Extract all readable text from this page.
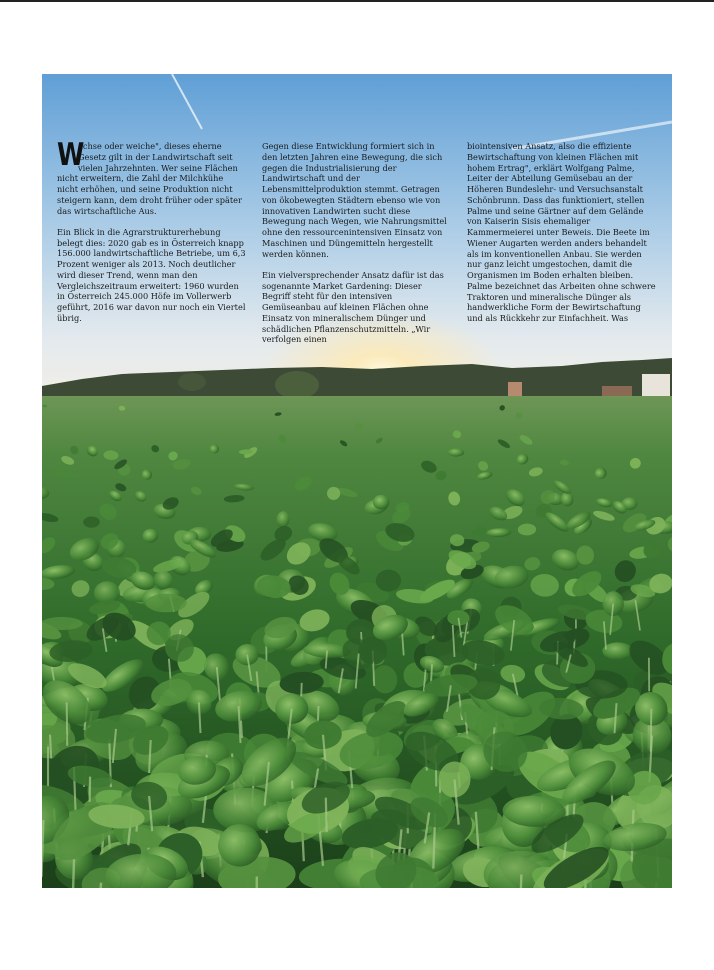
W
achse oder weiche", dieses eherne Gesetz gilt in der Landwirtschaft seit vielen Jahrzehnten. Wer seine Flächen nicht erweitern, die Zahl der Milchkühe nicht erhöhen, und seine Produktion nicht steigern kann, dem droht früher oder später das wirtschaftliche Aus.

Ein Blick in die Agrarstrukturerhebung belegt dies: 2020 gab es in Österreich knapp 156.000 landwirtschaftliche Betriebe, um 6,3 Prozent weniger als 2013. Noch deutlicher wird dieser Trend, wenn man den Vergleichszeitraum erweitert: 1960 wurden in Österreich 245.000 Höfe im Vollerwerb geführt, 2016 war davon nur noch ein Viertel übrig.

Gegen diese Entwicklung formiert sich in den letzten Jahren eine Bewegung, die sich gegen die Industrialisierung der Landwirtschaft und der Lebensmittelproduktion stemmt. Getragen von ökobewegten Städtern ebenso wie von innovativen Landwirten sucht diese Bewegung nach Wegen, wie Nahrungsmittel ohne den ressourcenintensiven Einsatz von Maschinen und Düngemitteln hergestellt werden können.

Ein vielversprechender Ansatz dafür ist das sogenannte Market Gardening: Dieser Begriff steht für den intensiven Gemüseanbau auf kleinen Flächen ohne Einsatz von mineralischem Dünger und schädlichen Pflanzenschutzmitteln. „Wir verfolgen einen

biointensiven Ansatz, also die effiziente Bewirtschaftung von kleinen Flächen mit hohem Ertrag", erklärt Wolfgang Palme, Leiter der Abteilung Gemüsebau an der Höheren Bundeslehr- und Versuchsanstalt Schönbrunn. Dass das funktioniert, stellen Palme und seine Gärtner auf dem Gelände von Kaiserin Sisis ehemaliger Kammermeierei unter Beweis. Die Beete im Wiener Augarten werden anders behandelt als im konventionellen Anbau. Sie werden nur ganz leicht umgestochen, damit die Organismen im Boden erhalten bleiben. Palme bezeichnet das Arbeiten ohne schwere Traktoren und mineralische Dünger als handwerkliche Form der Bewirtschaftung und als Rückkehr zur Einfachheit. Was
